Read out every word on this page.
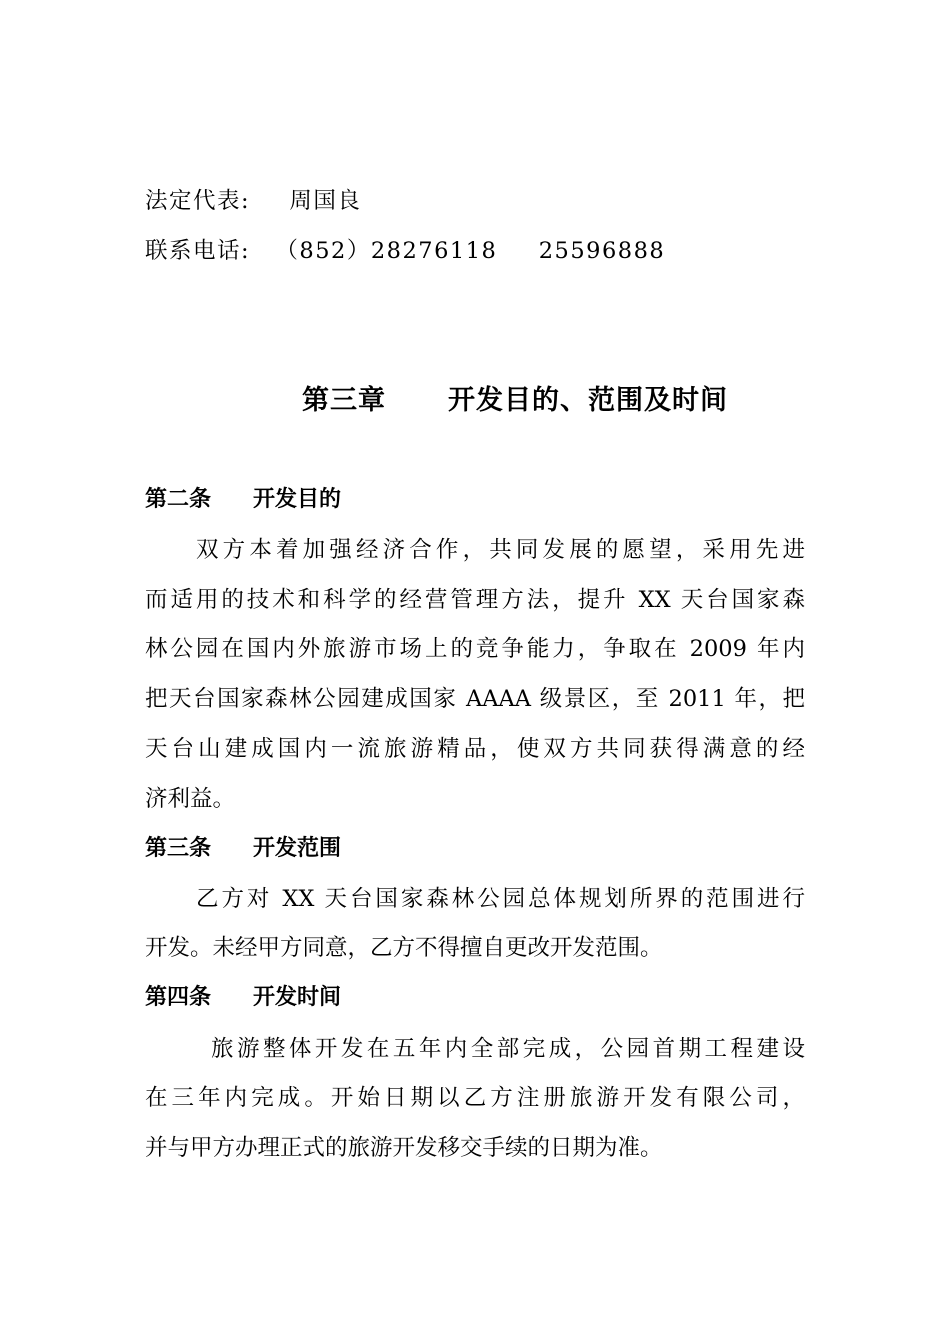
法定代表: 周国良
联系电话: （852）28276118 25596888
第三章 开发目的、范围及时间
第二条 开发目的
双方本着加强经济合作，共同发展的愿望，采用先进
而适用的技术和科学的经营管理方法，提升 XX 天台国家森
林公园在国内外旅游市场上的竞争能力，争取在 2009 年内
把天台国家森林公园建成国家 AAAA 级景区，至 2011 年，把
天台山建成国内一流旅游精品，使双方共同获得满意的经
济利益。
第三条 开发范围
乙方对 XX 天台国家森林公园总体规划所界的范围进行
开发。未经甲方同意，乙方不得擅自更改开发范围。
第四条 开发时间
旅游整体开发在五年内全部完成，公园首期工程建设
在三年内完成。开始日期以乙方注册旅游开发有限公司，
并与甲方办理正式的旅游开发移交手续的日期为准。
